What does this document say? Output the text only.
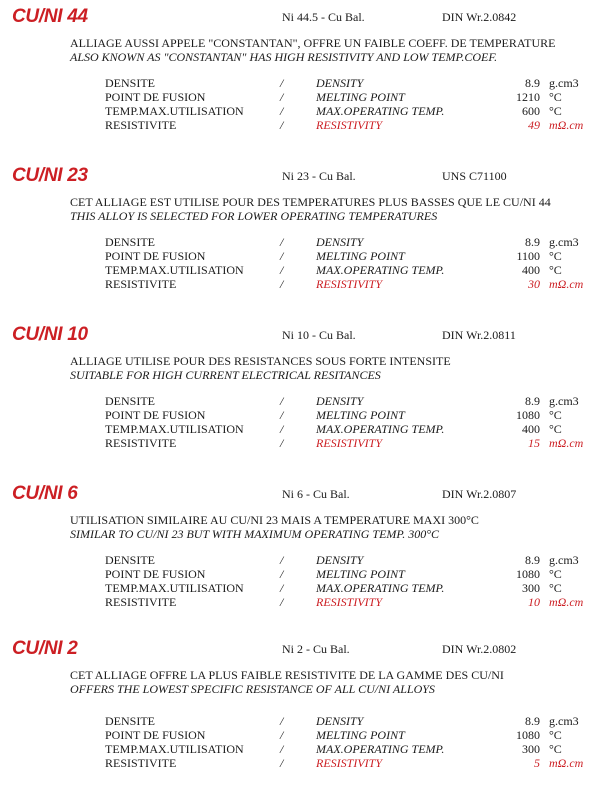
CU/NI 44	Ni 44.5 - Cu Bal.	DIN Wr.2.0842
ALLIAGE AUSSI APPELE "CONSTANTAN", OFFRE UN FAIBLE COEFF. DE TEMPERATURE
ALSO KNOWN AS "CONSTANTAN" HAS HIGH RESISTIVITY AND LOW TEMP.COEF.
DENSITE	/	DENSITY	8.9 g.cm3
POINT DE FUSION	/	MELTING POINT	1210 °C
TEMP.MAX.UTILISATION	/	MAX.OPERATING TEMP.	600 °C
RESISTIVITE	/	RESISTIVITY	49 mΩ.cm
CU/NI 23	Ni 23 - Cu Bal.	UNS C71100
CET ALLIAGE EST UTILISE POUR DES TEMPERATURES PLUS BASSES QUE LE CU/NI 44
THIS ALLOY IS SELECTED FOR LOWER OPERATING TEMPERATURES
DENSITE	/	DENSITY	8.9 g.cm3
POINT DE FUSION	/	MELTING POINT	1100 °C
TEMP.MAX.UTILISATION	/	MAX.OPERATING TEMP.	400 °C
RESISTIVITE	/	RESISTIVITY	30 mΩ.cm
CU/NI 10	Ni 10 - Cu Bal.	DIN Wr.2.0811
ALLIAGE UTILISE POUR DES RESISTANCES SOUS FORTE INTENSITE
SUITABLE FOR HIGH CURRENT ELECTRICAL RESITANCES
DENSITE	/	DENSITY	8.9 g.cm3
POINT DE FUSION	/	MELTING POINT	1080 °C
TEMP.MAX.UTILISATION	/	MAX.OPERATING TEMP.	400 °C
RESISTIVITE	/	RESISTIVITY	15 mΩ.cm
CU/NI 6	Ni 6 - Cu Bal.	DIN Wr.2.0807
UTILISATION SIMILAIRE AU CU/NI 23 MAIS A TEMPERATURE MAXI 300°C
SIMILAR TO CU/NI 23 BUT WITH MAXIMUM OPERATING TEMP. 300°C
DENSITE	/	DENSITY	8.9 g.cm3
POINT DE FUSION	/	MELTING POINT	1080 °C
TEMP.MAX.UTILISATION	/	MAX.OPERATING TEMP.	300 °C
RESISTIVITE	/	RESISTIVITY	10 mΩ.cm
CU/NI 2	Ni 2 - Cu Bal.	DIN Wr.2.0802
CET ALLIAGE OFFRE LA PLUS FAIBLE RESISTIVITE DE LA GAMME DES CU/NI
OFFERS THE LOWEST SPECIFIC RESISTANCE OF ALL CU/NI ALLOYS
DENSITE	/	DENSITY	8.9 g.cm3
POINT DE FUSION	/	MELTING POINT	1080 °C
TEMP.MAX.UTILISATION	/	MAX.OPERATING TEMP.	300 °C
RESISTIVITE	/	RESISTIVITY	5 mΩ.cm
